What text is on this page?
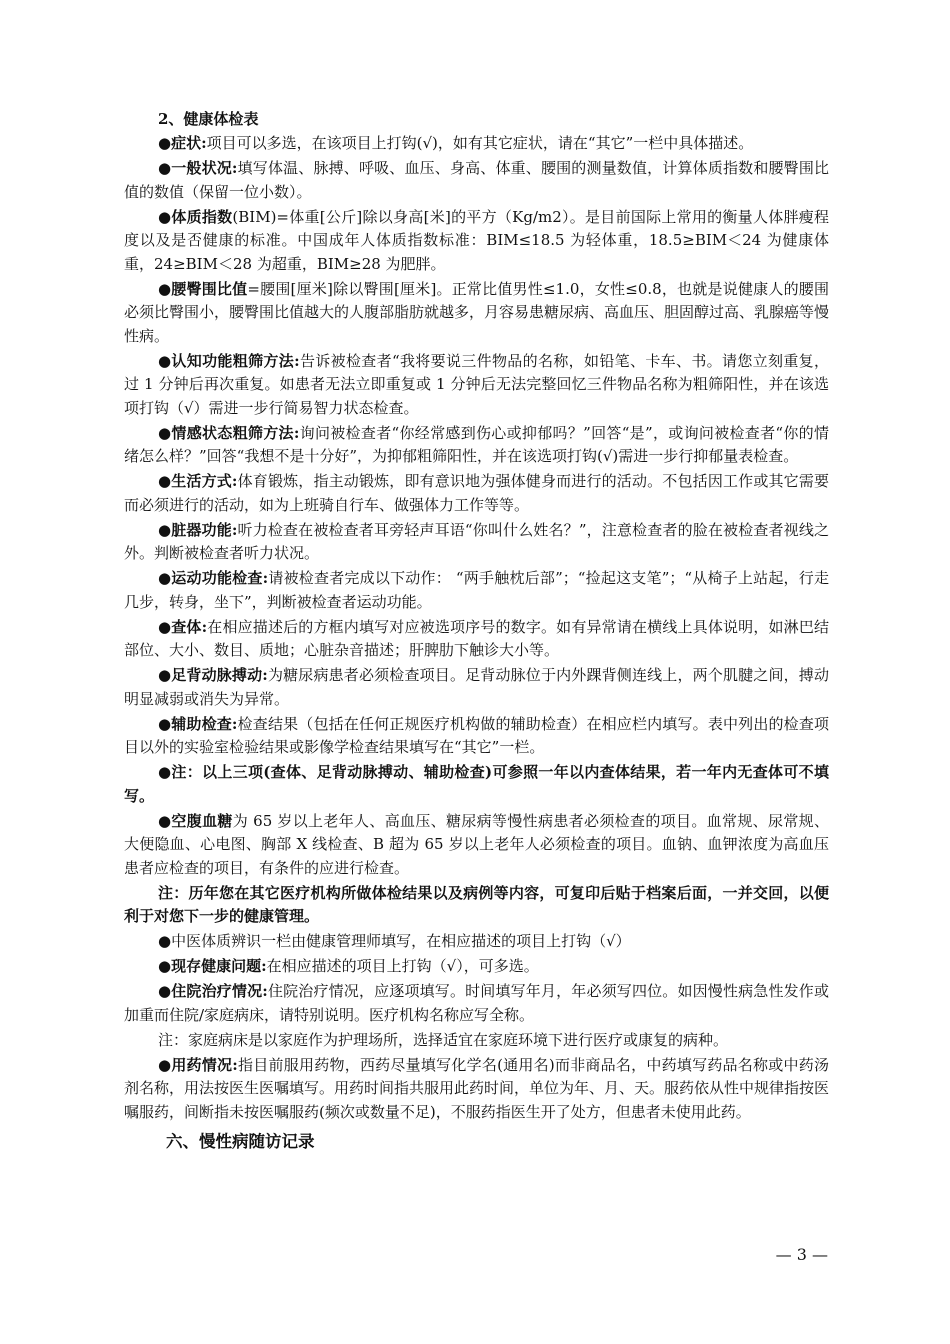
2、健康体检表
●症状:项目可以多选，在该项目上打钩(√)，如有其它症状，请在“其它”一栏中具体描述。
●一般状况:填写体温、脉搏、呼吸、血压、身高、体重、腰围的测量数值，计算体质指数和腰臀围比值的数值（保留一位小数）。
●体质指数(BIM)=体重[公斤]除以身高[米]的平方（Kg/m2）。是目前国际上常用的衡量人体胖瘦程度以及是否健康的标准。中国成年人体质指数标准：BIM≤18.5 为轻体重，18.5≥BIM＜24 为健康体重，24≥BIM＜28 为超重，BIM≥28 为肥胖。
●腰臀围比值=腰围[厘米]除以臀围[厘米]。正常比值男性≤1.0，女性≤0.8，也就是说健康人的腰围必须比臀围小，腰臀围比值越大的人腹部脂肪就越多，月容易患糖尿病、高血压、胆固醇过高、乳腺癌等慢性病。
●认知功能粗筛方法:告诉被检查者“我将要说三件物品的名称，如铅笔、卡车、书。请您立刻重复，过 1 分钟后再次重复。如患者无法立即重复或 1 分钟后无法完整回忆三件物品名称为粗筛阳性，并在该选项打钩（√）需进一步行简易智力状态检查。
●情感状态粗筛方法:询问被检查者“你经常感到伤心或抑郁吗？”回答“是”，或询问被检查者“你的情绪怎么样？”回答“我想不是十分好”，为抑郁粗筛阳性，并在该选项打钩(√)需进一步行抑郁量表检查。
●生活方式:体育锻炼，指主动锻炼，即有意识地为强体健身而进行的活动。不包括因工作或其它需要而必须进行的活动，如为上班骑自行车、做强体力工作等等。
●脏器功能:听力检查在被检查者耳旁轻声耳语“你叫什么姓名？”，注意检查者的脸在被检查者视线之外。判断被检查者听力状况。
●运动功能检查:请被检查者完成以下动作： “两手触枕后部”；“捡起这支笔”；“从椅子上站起，行走几步，转身，坐下”，判断被检查者运动功能。
●查体:在相应描述后的方框内填写对应被选项序号的数字。如有异常请在横线上具体说明，如淋巴结部位、大小、数目、质地；心脏杂音描述；肝脾肋下触诊大小等。
●足背动脉搏动:为糖尿病患者必须检查项目。足背动脉位于内外踝背侧连线上，两个肌腱之间，搏动明显减弱或消失为异常。
●辅助检查:检查结果（包括在任何正规医疗机构做的辅助检查）在相应栏内填写。表中列出的检查项目以外的实验室检验结果或影像学检查结果填写在“其它”一栏。
●注：以上三项(查体、足背动脉搏动、辅助检查)可参照一年以内查体结果，若一年内无查体可不填写。
●空腹血糖为 65 岁以上老年人、高血压、糖尿病等慢性病患者必须检查的项目。血常规、尿常规、大便隐血、心电图、胸部 X 线检查、B 超为 65 岁以上老年人必须检查的项目。血钠、血钾浓度为高血压患者应检查的项目，有条件的应进行检查。
注：历年您在其它医疗机构所做体检结果以及病例等内容，可复印后贴于档案后面，一并交回，以便利于对您下一步的健康管理。
●中医体质辨识一栏由健康管理师填写，在相应描述的项目上打钩（√）
●现存健康问题:在相应描述的项目上打钩（√），可多选。
●住院治疗情况:住院治疗情况，应逐项填写。时间填写年月，年必须写四位。如因慢性病急性发作或加重而住院/家庭病床，请特别说明。医疗机构名称应写全称。
注：家庭病床是以家庭作为护理场所，选择适宜在家庭环境下进行医疗或康复的病种。
●用药情况:指目前服用药物，西药尽量填写化学名(通用名)而非商品名，中药填写药品名称或中药汤剂名称，用法按医生医嘱填写。用药时间指共服用此药时间，单位为年、月、天。服药依从性中规律指按医嘱服药，间断指未按医嘱服药(频次或数量不足)，不服药指医生开了处方，但患者未使用此药。
六、慢性病随访记录
— 3 —
